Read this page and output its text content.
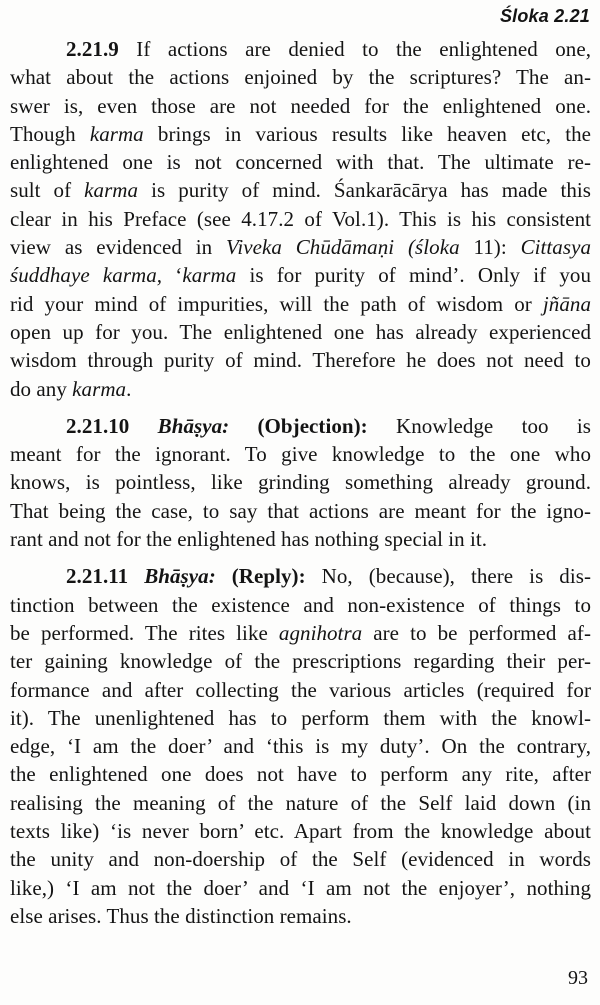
Śloka 2.21
2.21.9 If actions are denied to the enlightened one,
what about the actions enjoined by the scriptures? The an-
swer is, even those are not needed for the enlightened one.
Though karma brings in various results like heaven etc, the
enlightened one is not concerned with that. The ultimate re-
sult of karma is purity of mind. Śankarācārya has made this
clear in his Preface (see 4.17.2 of Vol.1). This is his consistent
view as evidenced in Viveka Chūdāmaṇi (śloka 11): Cittasya
śuddhaye karma, ‘karma is for purity of mind’. Only if you
rid your mind of impurities, will the path of wisdom or jñāna
open up for you. The enlightened one has already experienced
wisdom through purity of mind. Therefore he does not need to
do any karma.
2.21.10 Bhāṣya: (Objection): Knowledge too is
meant for the ignorant. To give knowledge to the one who
knows, is pointless, like grinding something already ground.
That being the case, to say that actions are meant for the igno-
rant and not for the enlightened has nothing special in it.
2.21.11 Bhāṣya: (Reply): No, (because), there is dis-
tinction between the existence and non-existence of things to
be performed. The rites like agnihotra are to be performed af-
ter gaining knowledge of the prescriptions regarding their per-
formance and after collecting the various articles (required for
it). The unenlightened has to perform them with the knowl-
edge, ‘I am the doer’ and ‘this is my duty’. On the contrary,
the enlightened one does not have to perform any rite, after
realising the meaning of the nature of the Self laid down (in
texts like) ‘is never born’ etc. Apart from the knowledge about
the unity and non-doership of the Self (evidenced in words
like,) ‘I am not the doer’ and ‘I am not the enjoyer’, nothing
else arises. Thus the distinction remains.
93
